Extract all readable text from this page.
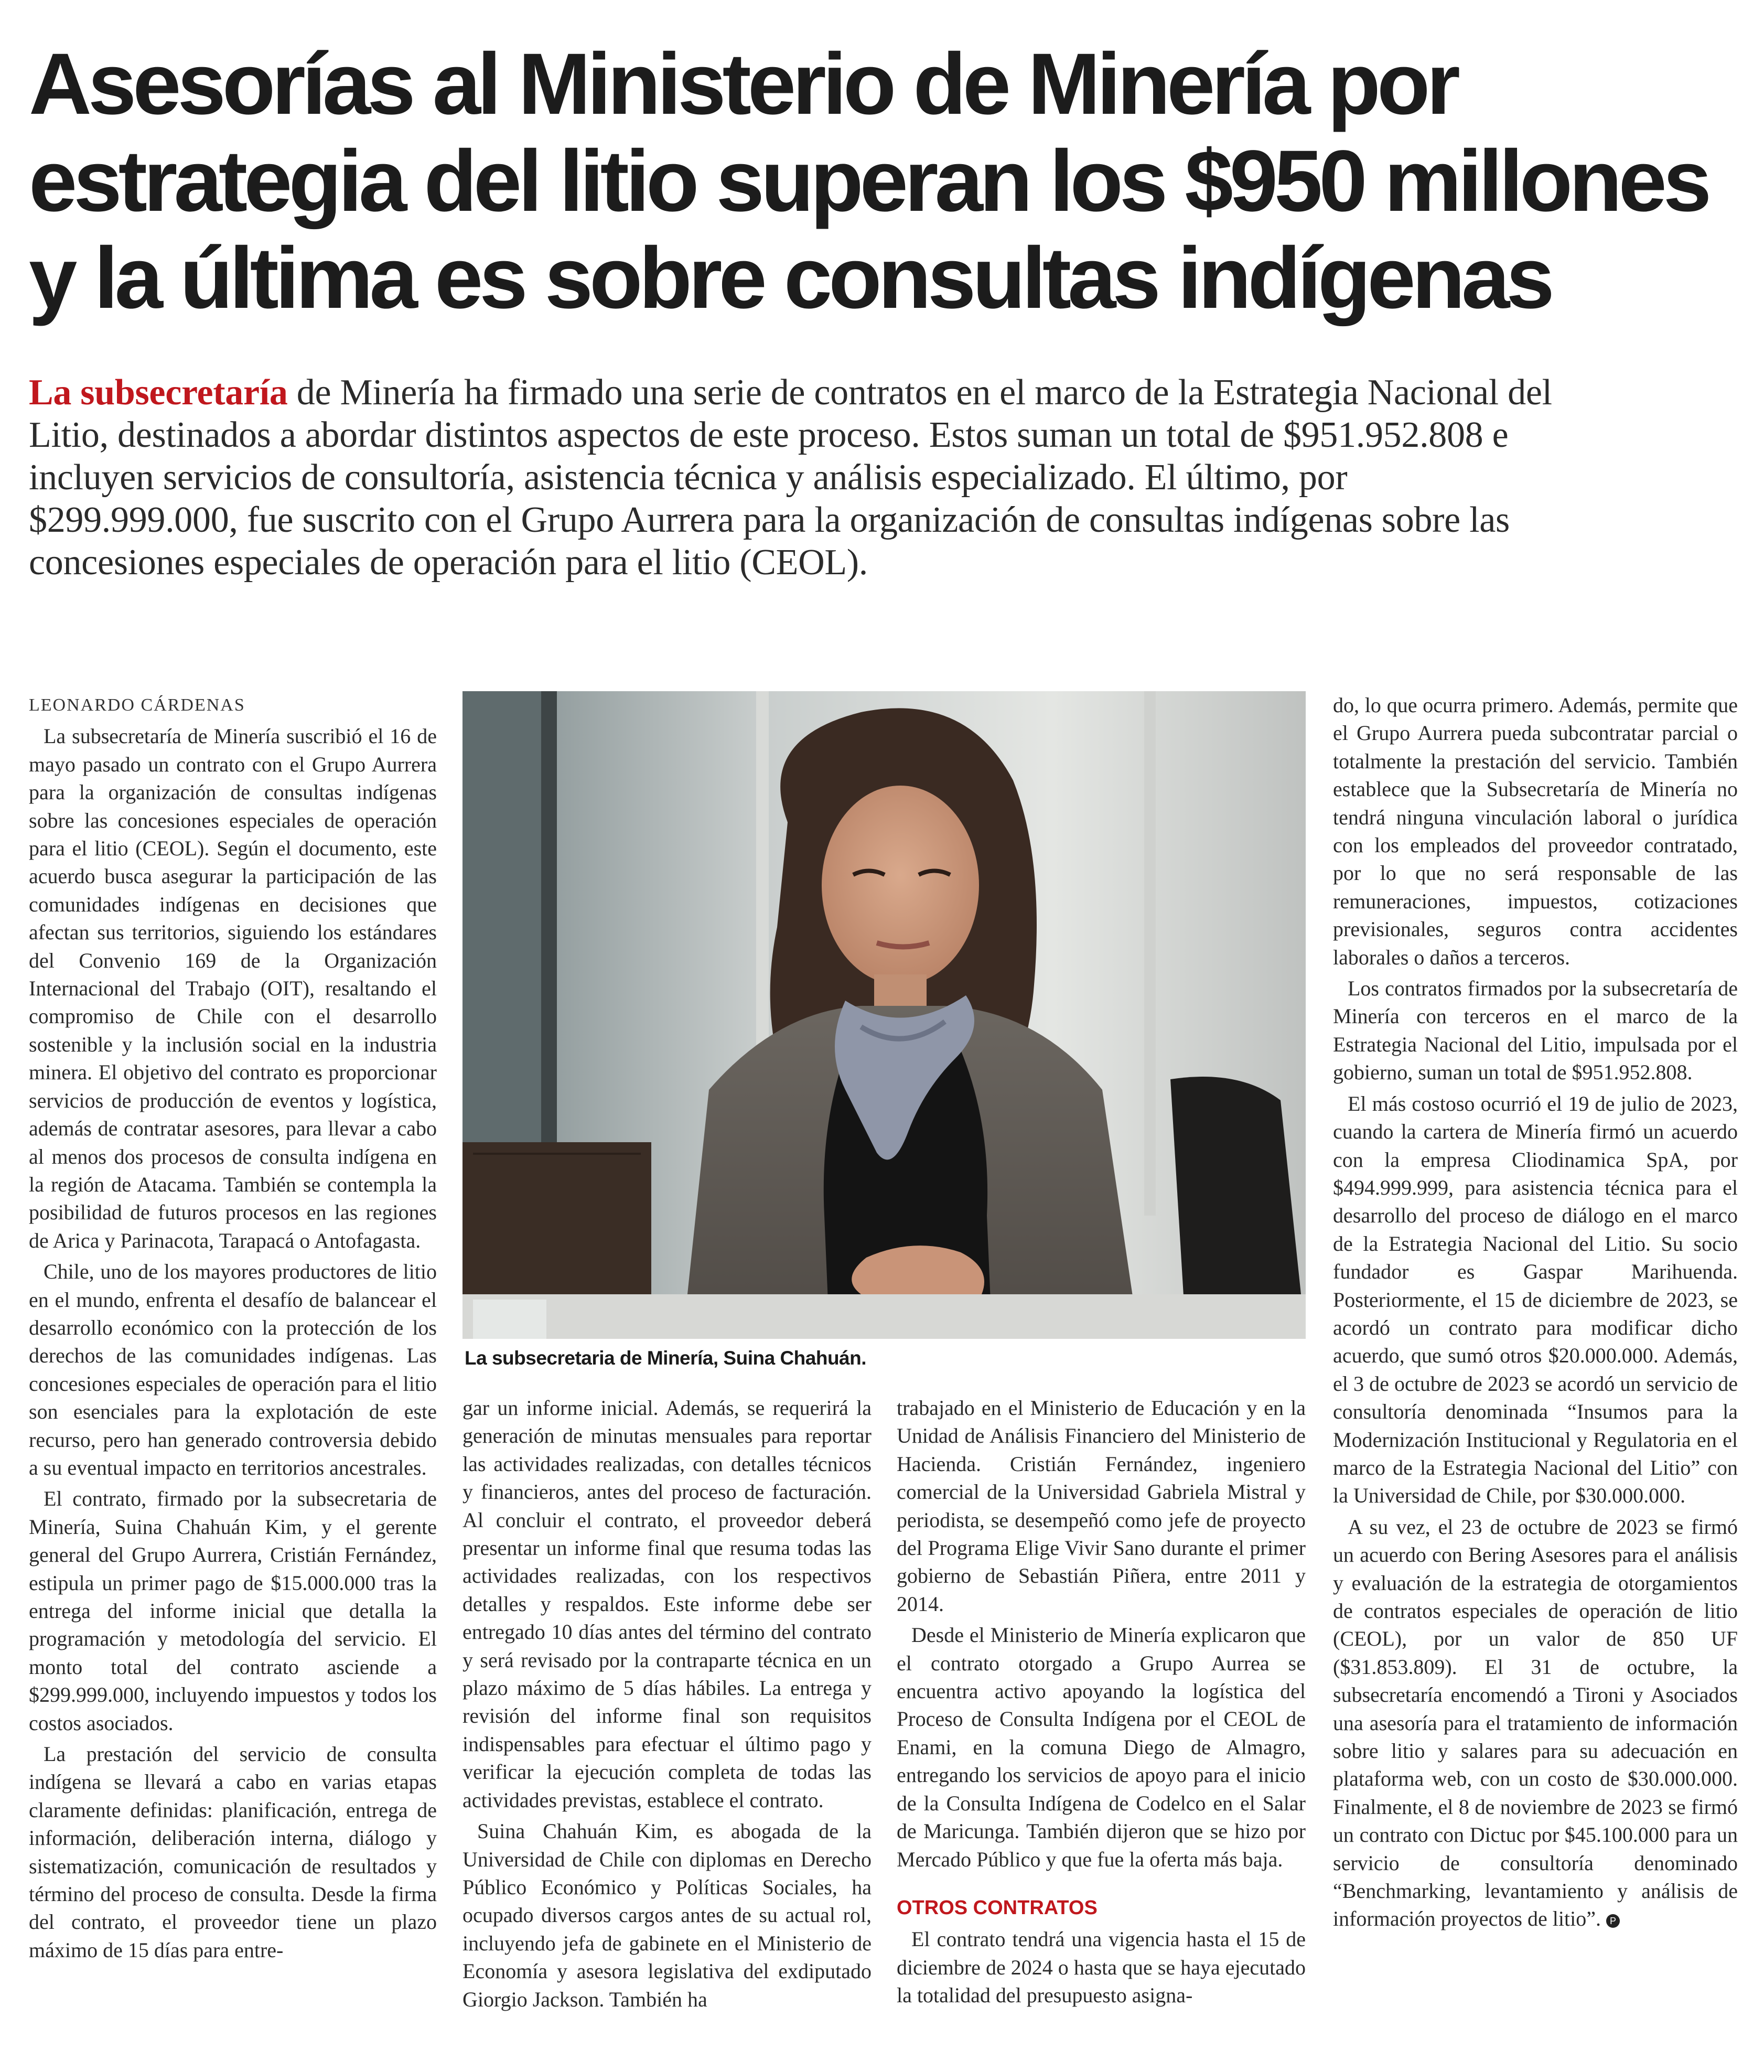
Asesorías al Ministerio de Minería por
estrategia del litio superan los $950 millones
y la última es sobre consultas indígenas
La subsecretaría de Minería ha firmado una serie de contratos en el marco de la Estrategia Nacional del
Litio, destinados a abordar distintos aspectos de este proceso. Estos suman un total de $951.952.808 e
incluyen servicios de consultoría, asistencia técnica y análisis especializado. El último, por
$299.999.000, fue suscrito con el Grupo Aurrera para la organización de consultas indígenas sobre las
concesiones especiales de operación para el litio (CEOL).

LEONARDO CÁRDENAS

La subsecretaría de Minería suscribió el 16 de mayo pasado un contrato con el Grupo Aurrera para la organización de consultas indígenas sobre las concesiones especiales de operación para el litio (CEOL). Según el documento, este acuerdo busca asegurar la participación de las comunidades indígenas en decisiones que afectan sus territorios, siguiendo los estándares del Convenio 169 de la Organización Internacional del Trabajo (OIT), resaltando el compromiso de Chile con el desarrollo sostenible y la inclusión social en la industria minera. El objetivo del contrato es proporcionar servicios de producción de eventos y logística, además de contratar asesores, para llevar a cabo al menos dos procesos de consulta indígena en la región de Atacama. También se contempla la posibilidad de futuros procesos en las regiones de Arica y Parinacota, Tarapacá o Antofagasta.

Chile, uno de los mayores productores de litio en el mundo, enfrenta el desafío de balancear el desarrollo económico con la protección de los derechos de las comunidades indígenas. Las concesiones especiales de operación para el litio son esenciales para la explotación de este recurso, pero han generado controversia debido a su eventual impacto en territorios ancestrales.

El contrato, firmado por la subsecretaria de Minería, Suina Chahuán Kim, y el gerente general del Grupo Aurrera, Cristián Fernández, estipula un primer pago de $15.000.000 tras la entrega del informe inicial que detalla la programación y metodología del servicio. El monto total del contrato asciende a $299.999.000, incluyendo impuestos y todos los costos asociados.

La prestación del servicio de consulta indígena se llevará a cabo en varias etapas claramente definidas: planificación, entrega de información, deliberación interna, diálogo y sistematización, comunicación de resultados y término del proceso de consulta. Desde la firma del contrato, el proveedor tiene un plazo máximo de 15 días para entre-

La subsecretaria de Minería, Suina Chahuán.

gar un informe inicial. Además, se requerirá la generación de minutas mensuales para reportar las actividades realizadas, con detalles técnicos y financieros, antes del proceso de facturación. Al concluir el contrato, el proveedor deberá presentar un informe final que resuma todas las actividades realizadas, con los respectivos detalles y respaldos. Este informe debe ser entregado 10 días antes del término del contrato y será revisado por la contraparte técnica en un plazo máximo de 5 días hábiles. La entrega y revisión del informe final son requisitos indispensables para efectuar el último pago y verificar la ejecución completa de todas las actividades previstas, establece el contrato.

Suina Chahuán Kim, es abogada de la Universidad de Chile con diplomas en Derecho Público Económico y Políticas Sociales, ha ocupado diversos cargos antes de su actual rol, incluyendo jefa de gabinete en el Ministerio de Economía y asesora legislativa del exdiputado Giorgio Jackson. También ha

trabajado en el Ministerio de Educación y en la Unidad de Análisis Financiero del Ministerio de Hacienda. Cristián Fernández, ingeniero comercial de la Universidad Gabriela Mistral y periodista, se desempeñó como jefe de proyecto del Programa Elige Vivir Sano durante el primer gobierno de Sebastián Piñera, entre 2011 y 2014.

Desde el Ministerio de Minería explicaron que el contrato otorgado a Grupo Aurrea se encuentra activo apoyando la logística del Proceso de Consulta Indígena por el CEOL de Enami, en la comuna Diego de Almagro, entregando los servicios de apoyo para el inicio de la Consulta Indígena de Codelco en el Salar de Maricunga. También dijeron que se hizo por Mercado Público y que fue la oferta más baja.

OTROS CONTRATOS

El contrato tendrá una vigencia hasta el 15 de diciembre de 2024 o hasta que se haya ejecutado la totalidad del presupuesto asigna-

do, lo que ocurra primero. Además, permite que el Grupo Aurrera pueda subcontratar parcial o totalmente la prestación del servicio. También establece que la Subsecretaría de Minería no tendrá ninguna vinculación laboral o jurídica con los empleados del proveedor contratado, por lo que no será responsable de las remuneraciones, impuestos, cotizaciones previsionales, seguros contra accidentes laborales o daños a terceros.

Los contratos firmados por la subsecretaría de Minería con terceros en el marco de la Estrategia Nacional del Litio, impulsada por el gobierno, suman un total de $951.952.808.

El más costoso ocurrió el 19 de julio de 2023, cuando la cartera de Minería firmó un acuerdo con la empresa Cliodinamica SpA, por $494.999.999, para asistencia técnica para el desarrollo del proceso de diálogo en el marco de la Estrategia Nacional del Litio. Su socio fundador es Gaspar Marihuenda. Posteriormente, el 15 de diciembre de 2023, se acordó un contrato para modificar dicho acuerdo, que sumó otros $20.000.000. Además, el 3 de octubre de 2023 se acordó un servicio de consultoría denominada “Insumos para la Modernización Institucional y Regulatoria en el marco de la Estrategia Nacional del Litio” con la Universidad de Chile, por $30.000.000.

A su vez, el 23 de octubre de 2023 se firmó un acuerdo con Bering Asesores para el análisis y evaluación de la estrategia de otorgamientos de contratos especiales de operación de litio (CEOL), por un valor de 850 UF ($31.853.809). El 31 de octubre, la subsecretaría encomendó a Tironi y Asociados una asesoría para el tratamiento de información sobre litio y salares para su adecuación en plataforma web, con un costo de $30.000.000. Finalmente, el 8 de noviembre de 2023 se firmó un contrato con Dictuc por $45.100.000 para un servicio de consultoría denominado “Benchmarking, levantamiento y análisis de información proyectos de litio”. P
